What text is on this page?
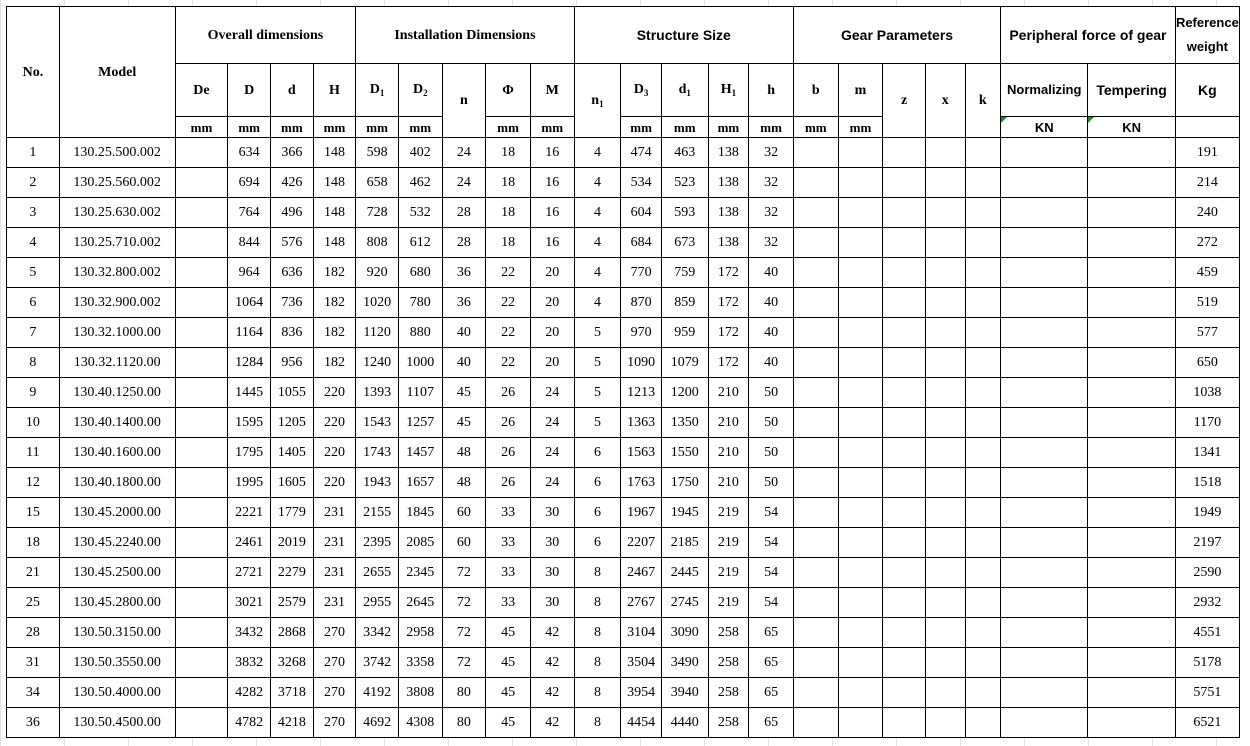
No.	Model	Overall dimensions				Installation Dimensions					Structure Size					Gear Parameters					Peripheral force of gear		Reference weight
		De	D	d	H	$D_1$	$D_2$	n	Φ	M	$n_1$	$D_3$	$d_1$	$H_1$	h	b	m	z	x	k	Normalizing	Tempering	Kg
		mm	mm	mm	mm	mm	mm		mm	mm		mm	mm	mm	mm	mm	mm				KN	KN	
1	130.25.500.002		634	366	148	598	402	24	18	16	4	474	463	138	32								191
2	130.25.560.002		694	426	148	658	462	24	18	16	4	534	523	138	32								214
3	130.25.630.002		764	496	148	728	532	28	18	16	4	604	593	138	32								240
4	130.25.710.002		844	576	148	808	612	28	18	16	4	684	673	138	32								272
5	130.32.800.002		964	636	182	920	680	36	22	20	4	770	759	172	40								459
6	130.32.900.002		1064	736	182	1020	780	36	22	20	4	870	859	172	40								519
7	130.32.1000.00		1164	836	182	1120	880	40	22	20	5	970	959	172	40								577
8	130.32.1120.00		1284	956	182	1240	1000	40	22	20	5	1090	1079	172	40								650
9	130.40.1250.00		1445	1055	220	1393	1107	45	26	24	5	1213	1200	210	50								1038
10	130.40.1400.00		1595	1205	220	1543	1257	45	26	24	5	1363	1350	210	50								1170
11	130.40.1600.00		1795	1405	220	1743	1457	48	26	24	6	1563	1550	210	50								1341
12	130.40.1800.00		1995	1605	220	1943	1657	48	26	24	6	1763	1750	210	50								1518
15	130.45.2000.00		2221	1779	231	2155	1845	60	33	30	6	1967	1945	219	54								1949
18	130.45.2240.00		2461	2019	231	2395	2085	60	33	30	6	2207	2185	219	54								2197
21	130.45.2500.00		2721	2279	231	2655	2345	72	33	30	8	2467	2445	219	54								2590
25	130.45.2800.00		3021	2579	231	2955	2645	72	33	30	8	2767	2745	219	54								2932
28	130.50.3150.00		3432	2868	270	3342	2958	72	45	42	8	3104	3090	258	65								4551
31	130.50.3550.00		3832	3268	270	3742	3358	72	45	42	8	3504	3490	258	65								5178
34	130.50.4000.00		4282	3718	270	4192	3808	80	45	42	8	3954	3940	258	65								5751
36	130.50.4500.00		4782	4218	270	4692	4308	80	45	42	8	4454	4440	258	65								6521
